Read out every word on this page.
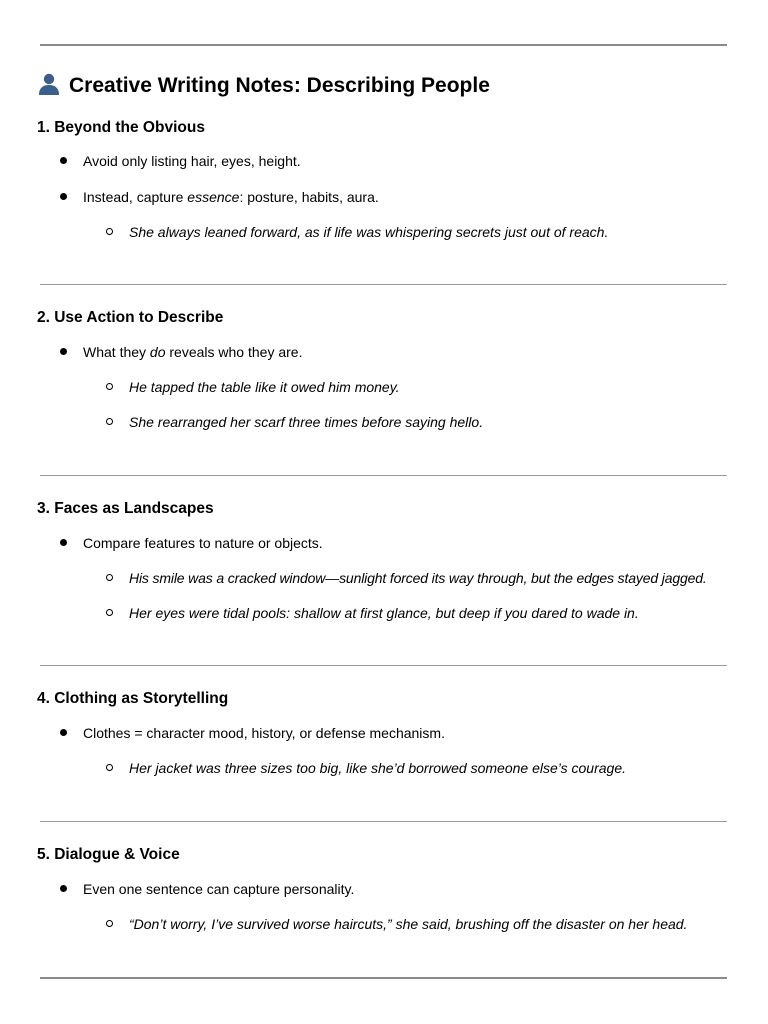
Creative Writing Notes: Describing People
1. Beyond the Obvious
Avoid only listing hair, eyes, height.
Instead, capture essence: posture, habits, aura.
She always leaned forward, as if life was whispering secrets just out of reach.
2. Use Action to Describe
What they do reveals who they are.
He tapped the table like it owed him money.
She rearranged her scarf three times before saying hello.
3. Faces as Landscapes
Compare features to nature or objects.
His smile was a cracked window—sunlight forced its way through, but the edges stayed jagged.
Her eyes were tidal pools: shallow at first glance, but deep if you dared to wade in.
4. Clothing as Storytelling
Clothes = character mood, history, or defense mechanism.
Her jacket was three sizes too big, like she’d borrowed someone else’s courage.
5. Dialogue & Voice
Even one sentence can capture personality.
“Don’t worry, I’ve survived worse haircuts,” she said, brushing off the disaster on her head.
